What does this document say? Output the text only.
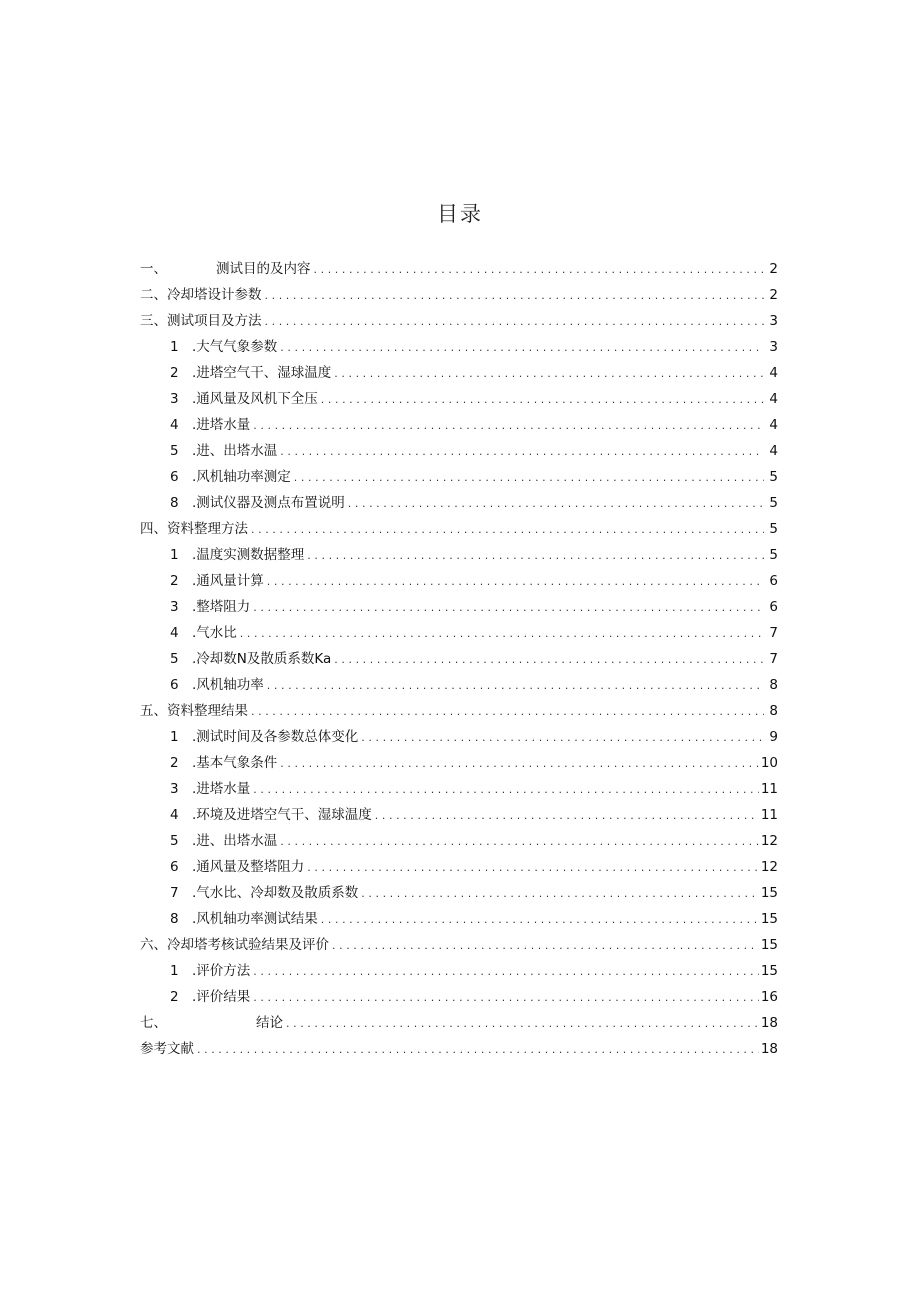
目录
一、	测试目的及内容 .....	2
二、 冷却塔设计参数 .....	2
三、 测试项目及方法 .....	3
1 .大气气象参数 .....	3
2 .进塔空气干、湿球温度 .....	4
3 .通风量及风机下全压 .....	4
4 .进塔水量 .....	4
5 .进、出塔水温 .....	4
6 .风机轴功率测定 .....	5
8 .测试仪器及测点布置说明 .....	5
四、 资料整理方法 .....	5
1 .温度实测数据整理 .....	5
2 .通风量计算 .....	6
3 .整塔阻力 .....	6
4 .气水比 .....	7
5 .冷却数N及散质系数Ka .....	7
6 .风机轴功率 .....	8
五、 资料整理结果 .....	8
1 .测试时间及各参数总体变化 .....	9
2 .基本气象条件 .....	10
3 .进塔水量 .....	11
4 .环境及进塔空气干、湿球温度 .....	11
5 .进、出塔水温 .....	12
6 .通风量及整塔阻力 .....	12
7 .气水比、冷却数及散质系数 .....	15
8 .风机轴功率测试结果 .....	15
六、 冷却塔考核试验结果及评价 .....	15
1 .评价方法 .....	15
2 .评价结果 .....	16
七、	结论 .....	18
参考文献 .....	18
